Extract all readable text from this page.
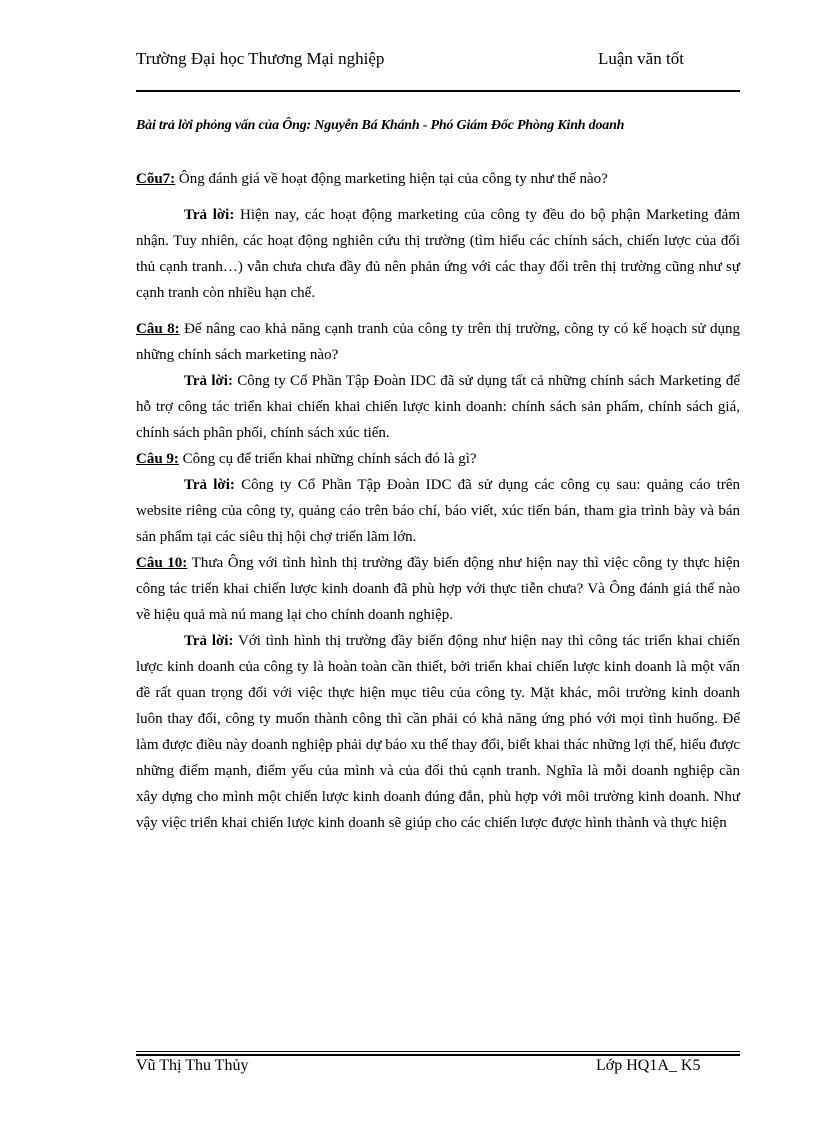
Trường Đại học Thương Mại nghiệp	Luận văn tốt
Bài trả lời phỏng vấn của Ông: Nguyễn Bá Khánh - Phó Giám Đốc Phòng Kinh doanh

Cõu7: Ông đánh giá về hoạt động marketing hiện tại của công ty như thế nào?

Trả lời: Hiện nay, các hoạt động marketing của công ty đều do bộ phận Marketing đảm nhận. Tuy nhiên, các hoạt động nghiên cứu thị trường (tìm hiểu các chính sách, chiến lược của đối thủ cạnh tranh…) vẫn chưa chưa đầy đủ nên phản ứng với các thay đổi trên thị trường cũng như sự cạnh tranh còn nhiều hạn chế.

Câu 8: Để nâng cao khả năng cạnh tranh của công ty trên thị trường, công ty có kế hoạch sử dụng những chính sách marketing nào?

Trả lời: Công ty Cổ Phần Tập Đoàn IDC đã sử dụng tất cả những chính sách Marketing để hỗ trợ công tác triển khai chiến khai chiến lược kinh doanh: chính sách sản phẩm, chính sách giá, chính sách phân phối, chính sách xúc tiến.

Câu 9: Công cụ để triển khai những chính sách đó là gì?

Trả lời: Công ty Cổ Phần Tập Đoàn IDC đã sử dụng các công cụ sau: quảng cáo trên website riêng của công ty, quảng cáo trên báo chí, báo viết, xúc tiến bán, tham gia trình bày và bán sản phẩm tại các siêu thị hội chợ triển lãm lớn.

Câu 10: Thưa Ông với tình hình thị trường đầy biến động như hiện nay thì việc công ty thực hiện công tác triển khai chiến lược kinh doanh đã phù hợp với thực tiễn chưa? Và Ông đánh giá thế nào về hiệu quả mà nú mang lại cho chính doanh nghiệp.

Trả lời: Với tình hình thị trường đầy biến động như hiện nay thì công tác triển khai chiến lược kinh doanh của công ty là hoàn toàn cần thiết, bởi triển khai chiến lược kinh doanh là một vấn đề rất quan trọng đối với việc thực hiện mục tiêu của công ty. Mặt khác, môi trường kinh doanh luôn thay đổi, công ty muốn thành công thì cần phải có khả năng ứng phó với mọi tình huống. Để làm được điều này doanh nghiệp phải dự báo xu thế thay đổi, biết khai thác những lợi thế, hiểu được những điểm mạnh, điểm yếu của mình và của đối thủ cạnh tranh. Nghĩa là mỗi doanh nghiệp cần xây dựng cho mình một chiến lược kinh doanh đúng đắn, phù hợp với môi trường kinh doanh. Như vậy việc triển khai chiến lược kinh doanh sẽ giúp cho các chiến lược được hình thành và thực hiện

Vũ Thị Thu Thủy	Lớp HQ1A_ K5
